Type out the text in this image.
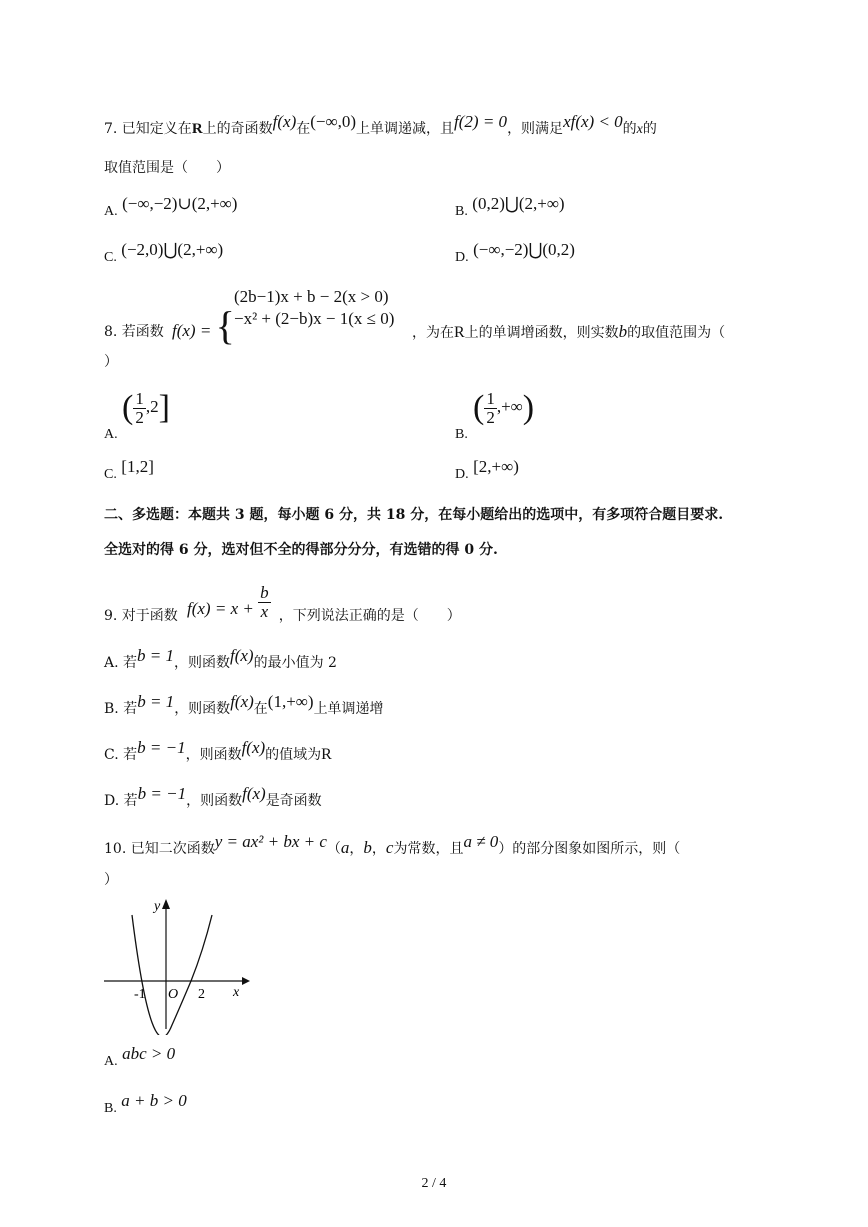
7. 已知定义在R上的奇函数f(x)在(−∞,0)上单调递减，且f(2) = 0，则满足xf(x) < 0的x的
取值范围是（　　）
A. (−∞,−2)∪(2,+∞)	B. (0,2)⋃(2,+∞)
C. (−2,0)⋃(2,+∞)	D. (−∞,−2)⋃(0,2)
8. 若函数 f(x) = {
(2b−1)x + b − 2(x > 0)
−x² + (2−b)x − 1(x ≤ 0)
，为在R上的单调增函数，则实数b的取值范围为（
）
A.
( $\frac{1}{2} ,2$]
B.
( $\frac{1}{2}$ ,+∞)
C. [1,2]	D. [2,+∞)
二、多选题：本题共 3 题，每小题 6 分，共 18 分，在每小题给出的选项中，有多项符合题目要求.
全选对的得 6 分，选对但不全的得部分分分，有选错的得 0 分.
9. 对于函数	，下列说法正确的是（　　）
$f(x) = x + \frac{b}{x}$
A. 若b = 1，则函数f(x)的最小值为 2
B. 若b = 1，则函数f(x)在(1,+∞)上单调递增
C. 若b = −1，则函数f(x)的值域为R
D. 若b = −1，则函数f(x)是奇函数
10. 已知二次函数y = ax² + bx + c（a，b，c为常数，且a ≠ 0）的部分图象如图所示，则（
）
y
x
O
-1	2
A. abc > 0
B. a + b > 0
2 / 4
